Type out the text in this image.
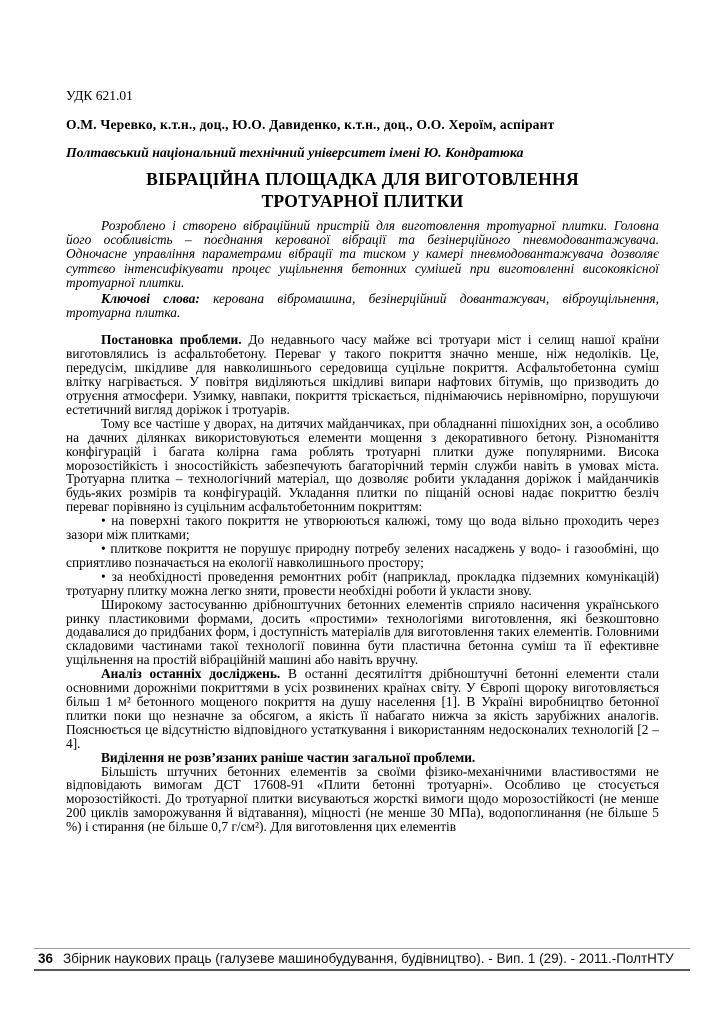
УДК 621.01
О.М. Черевко, к.т.н., доц., Ю.О. Давиденко, к.т.н., доц., О.О. Хероїм, аспірант
Полтавський національний технічний університет імені Ю. Кондратюка
ВІБРАЦІЙНА ПЛОЩАДКА ДЛЯ ВИГОТОВЛЕННЯ
ТРОТУАРНОЇ ПЛИТКИ

Розроблено і створено вібраційний пристрій для виготовлення тротуарної плитки. Головна його особливість – поєднання керованої вібрації та безінерційного пневмодовантажувача. Одночасне управління параметрами вібрації та тиском у камері пневмодовантажувача дозволяє суттєво інтенсифікувати процес ущільнення бетонних сумішей при виготовленні високоякісної тротуарної плитки.

Ключові слова: керована вібромашина, безінерційний довантажувач, віброущільнення, тротуарна плитка.

Постановка проблеми. До недавнього часу майже всі тротуари міст і селищ нашої країни виготовлялись із асфальтобетону. Переваг у такого покриття значно менше, ніж недоліків. Це, передусім, шкідливе для навколишнього середовища суцільне покриття. Асфальтобетонна суміш влітку нагрівається. У повітря виділяються шкідливі випари нафтових бітумів, що призводить до отруєння атмосфери. Узимку, навпаки, покриття тріскається, піднімаючись нерівномірно, порушуючи естетичний вигляд доріжок і тротуарів.

Тому все частіше у дворах, на дитячих майданчиках, при обладнанні пішохідних зон, а особливо на дачних ділянках використовуються елементи мощення з декоративного бетону. Різноманіття конфігурацій і багата колірна гама роблять тротуарні плитки дуже популярними. Висока морозостійкість і зносостійкість забезпечують багаторічний термін служби навіть в умовах міста. Тротуарна плитка – технологічний матеріал, що дозволяє робити укладання доріжок і майданчиків будь-яких розмірів та конфігурацій. Укладання плитки по піщаній основі надає покриттю безліч переваг порівняно із суцільним асфальтобетонним покриттям:

• на поверхні такого покриття не утворюються калюжі, тому що вода вільно проходить через зазори між плитками;

• плиткове покриття не порушує природну потребу зелених насаджень у водо- і газообміні, що сприятливо позначається на екології навколишнього простору;

• за необхідності проведення ремонтних робіт (наприклад, прокладка підземних комунікацій) тротуарну плитку можна легко зняти, провести необхідні роботи й укласти знову.

Широкому застосуванню дрібноштучних бетонних елементів сприяло насичення українського ринку пластиковими формами, досить «простими» технологіями виготовлення, які безкоштовно додавалися до придбаних форм, і доступність матеріалів для виготовлення таких елементів. Головними складовими частинами такої технології повинна бути пластична бетонна суміш та її ефективне ущільнення на простій вібраційній машині або навіть вручну.

Аналіз останніх досліджень. В останні десятиліття дрібноштучні бетонні елементи стали основними дорожніми покриттями в усіх розвинених країнах світу. У Європі щороку виготовляється більш 1 м² бетонного мощеного покриття на душу населення [1]. В Україні виробництво бетонної плитки поки що незначне за обсягом, а якість її набагато нижча за якість зарубіжних аналогів. Пояснюється це відсутністю відповідного устаткування і використанням недосконалих технологій [2 – 4].

Виділення не розв’язаних раніше частин загальної проблеми.

Більшість штучних бетонних елементів за своїми фізико-механічними властивостями не відповідають вимогам ДСТ 17608-91 «Плити бетонні тротуарні». Особливо це стосується морозостійкості. До тротуарної плитки висуваються жорсткі вимоги щодо морозостійкості (не менше 200 циклів заморожування й відтавання), міцності (не менше 30 МПа), водопоглинання (не більше 5 %) і стирання (не більше 0,7 г/см²). Для виготовлення цих елементів

36 Збірник наукових праць (галузеве машинобудування, будівництво). - Вип. 1 (29). - 2011.-ПолтНТУ
